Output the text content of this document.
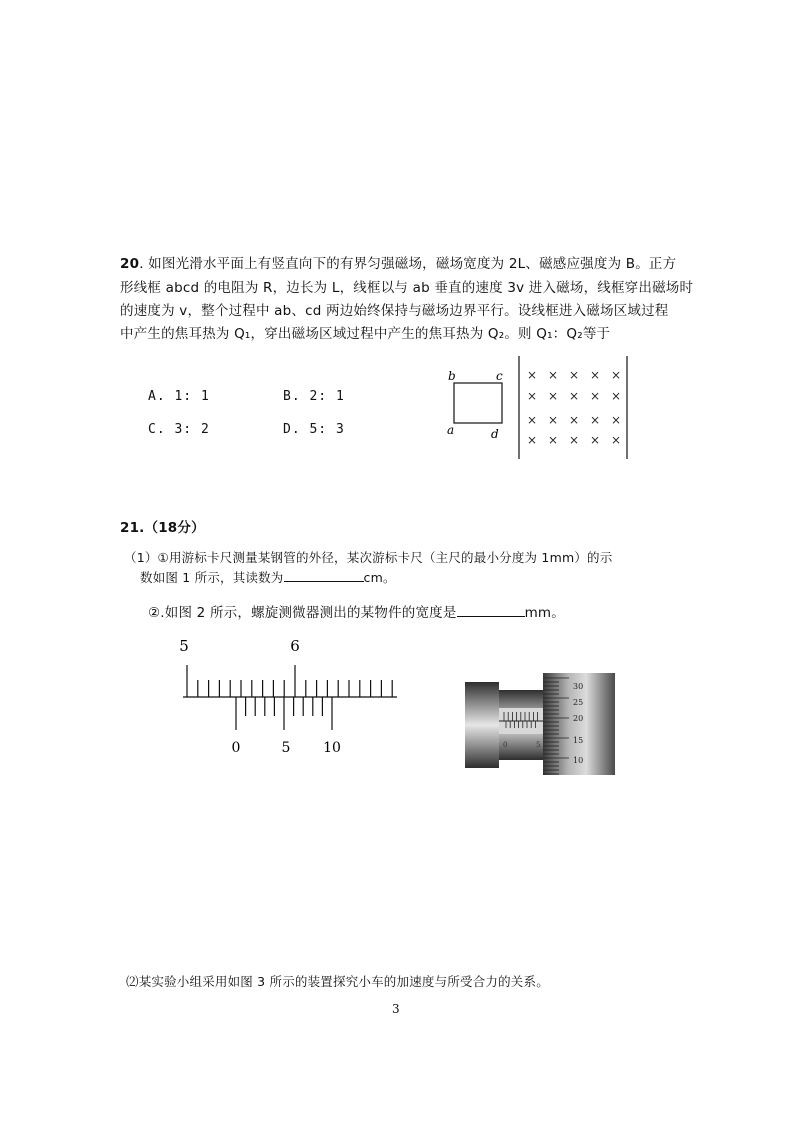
20. 如图光滑水平面上有竖直向下的有界匀强磁场，磁场宽度为 2L、磁感应强度为 B。正方
形线框 abcd 的电阻为 R，边长为 L，线框以与 ab 垂直的速度 3v 进入磁场，线框穿出磁场时
的速度为 v，整个过程中 ab、cd 两边始终保持与磁场边界平行。设线框进入磁场区域过程
中产生的焦耳热为 Q₁，穿出磁场区域过程中产生的焦耳热为 Q₂。则 Q₁：Q₂等于
A. 1: 1	B. 2: 1
C. 3: 2	D. 5: 3
b	c
a	d
× × × × ×
× × × × ×
× × × × ×
× × × × ×
21.（18分）
（1）①用游标卡尺测量某钢管的外径，某次游标卡尺（主尺的最小分度为 1mm）的示
数如图 1 所示，其读数为	cm。
②.如图 2 所示，螺旋测微器测出的某物件的宽度是	mm。
5	6
0	5 10	0	5
30
25
20
15
10
⑵某实验小组采用如图 3 所示的装置探究小车的加速度与所受合力的关系。
3
